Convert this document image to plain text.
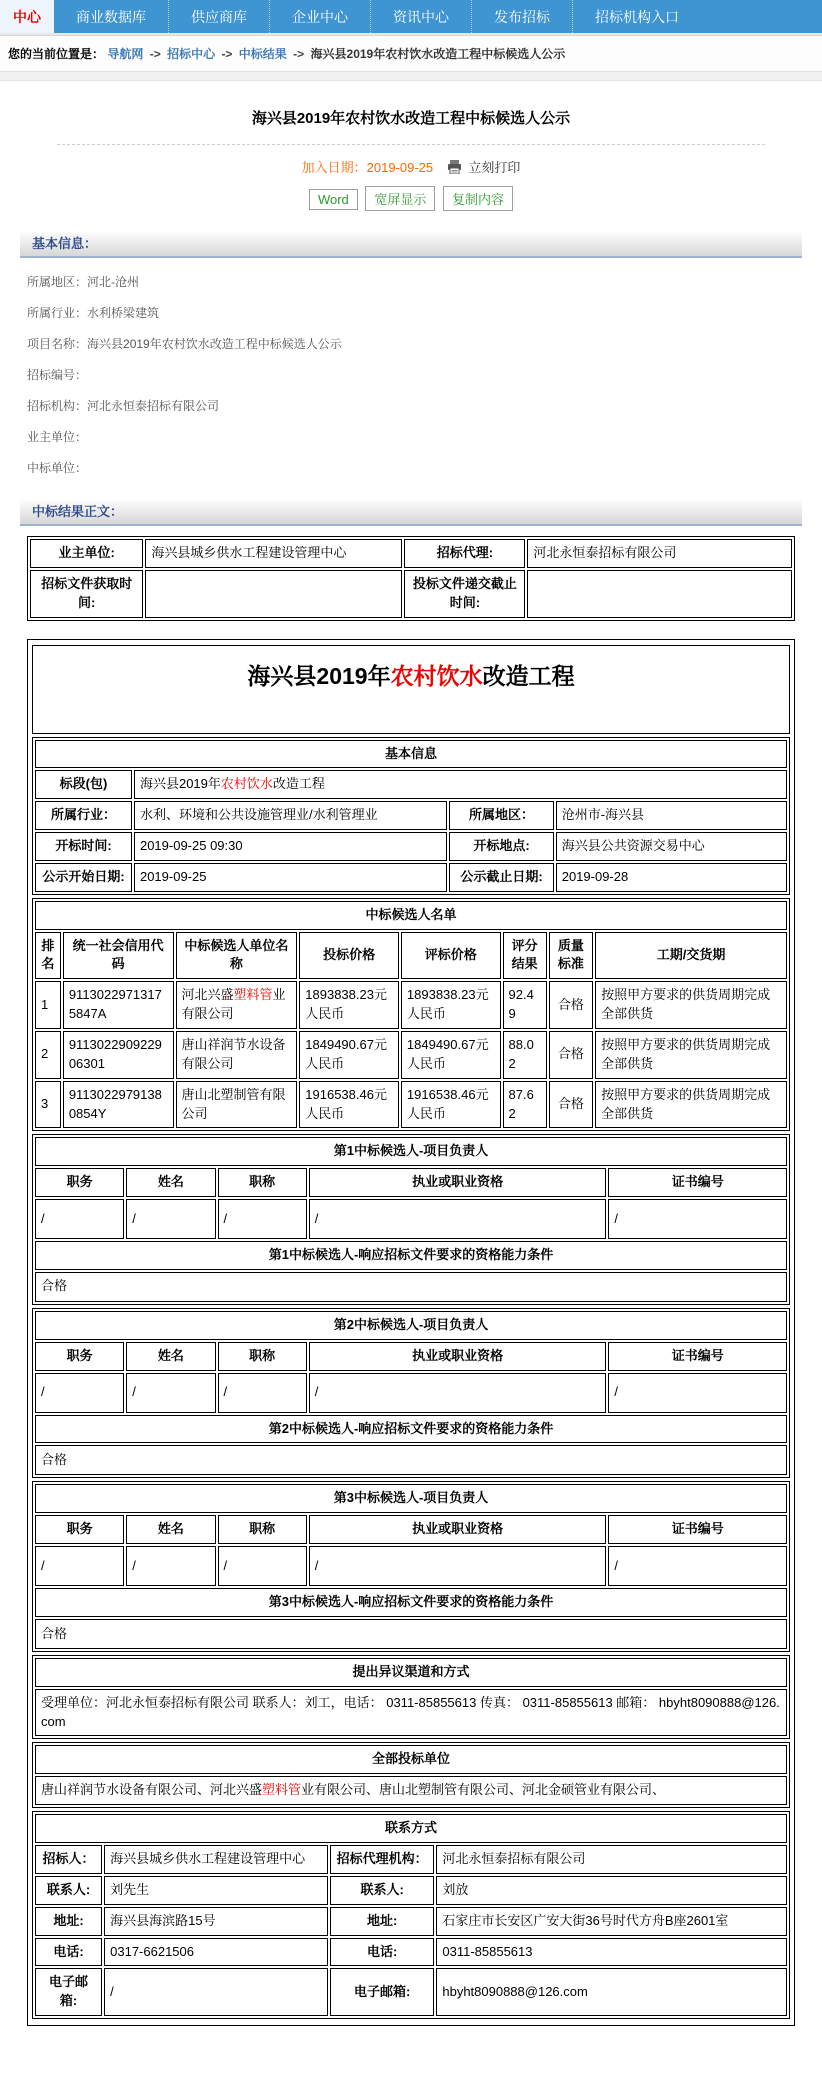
中心	商业数据库	供应商库	企业中心	资讯中心	发布招标	招标机构入口
您的当前位置是： 导航网 -> 招标中心 -> 中标结果 -> 海兴县2019年农村饮水改造工程中标候选人公示
海兴县2019年农村饮水改造工程中标候选人公示
加入日期：2019-09-25	立刻打印
Word 宽屏显示 复制内容
基本信息：
所属地区：河北-沧州
所属行业：水利桥梁建筑
项目名称：海兴县2019年农村饮水改造工程中标候选人公示
招标编号：
招标机构：河北永恒泰招标有限公司
业主单位：
中标单位：
中标结果正文：
业主单位:	海兴县城乡供水工程建设管理中心	招标代理:	河北永恒泰招标有限公司
招标文件获取时间:		投标文件递交截止时间:	
海兴县2019年农村饮水改造工程
基本信息			
标段(包)	海兴县2019年农村饮水改造工程		
所属行业：	水利、环境和公共设施管理业/水利管理业	所属地区：	沧州市-海兴县
开标时间:	2019-09-25 09:30	开标地点:	海兴县公共资源交易中心
公示开始日期:	2019-09-25	公示截止日期:	2019-09-28
中标候选人名单							
排名	统一社会信用代码	中标候选人单位名称	投标价格	评标价格	评分结果	质量标准	工期/交货期
1	91130229713175847A	河北兴盛塑料管业有限公司	1893838.23元人民币	1893838.23元人民币	92.49	合格	按照甲方要求的供货周期完成全部供货
2	911302290922906301	唐山祥润节水设备有限公司	1849490.67元人民币	1849490.67元人民币	88.02	合格	按照甲方要求的供货周期完成全部供货
3	91130229791380854Y	唐山北塑制管有限公司	1916538.46元人民币	1916538.46元人民币	87.62	合格	按照甲方要求的供货周期完成全部供货
第1中标候选人-项目负责人				
职务	姓名	职称	执业或职业资格	证书编号
/	/	/	/	/
第1中标候选人-响应招标文件要求的资格能力条件				
合格				
第2中标候选人-项目负责人				
职务	姓名	职称	执业或职业资格	证书编号
/	/	/	/	/
第2中标候选人-响应招标文件要求的资格能力条件				
合格				
第3中标候选人-项目负责人				
职务	姓名	职称	执业或职业资格	证书编号
/	/	/	/	/
第3中标候选人-响应招标文件要求的资格能力条件				
合格				
提出异议渠道和方式
受理单位：河北永恒泰招标有限公司 联系人：刘工，电话： 0311-85855613 传真： 0311-85855613 邮箱： hbyht8090888@126.com
全部投标单位
唐山祥润节水设备有限公司、河北兴盛塑料管业有限公司、唐山北塑制管有限公司、河北金硕管业有限公司、
联系方式			
招标人：	海兴县城乡供水工程建设管理中心	招标代理机构：	河北永恒泰招标有限公司
联系人:	刘先生	联系人:	刘放
地址:	海兴县海滨路15号	地址:	石家庄市长安区广安大街36号时代方舟B座2601室
电话:	0317-6621506	电话:	0311-85855613
电子邮箱:	/	电子邮箱:	hbyht8090888@126.com
